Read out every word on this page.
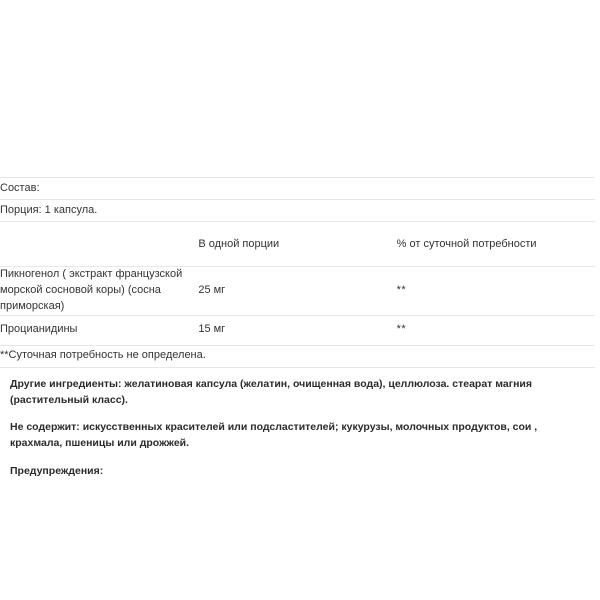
Состав:		
Порция: 1 капсула.		
	В одной порции	% от суточной потребности
Пикногенол ( экстракт французской морской сосновой коры) (сосна приморская)	25 мг	**
Процианидины	15 мг	**
**Суточная потребность не определена.		

Другие ингредиенты: желатиновая капсула (желатин, очищенная вода), целлюлоза. стеарат магния (растительный класс).

Не содержит: искусственных красителей или подсластителей; кукурузы, молочных продуктов, сои , крахмала, пшеницы или дрожжей.

Предупреждения:
